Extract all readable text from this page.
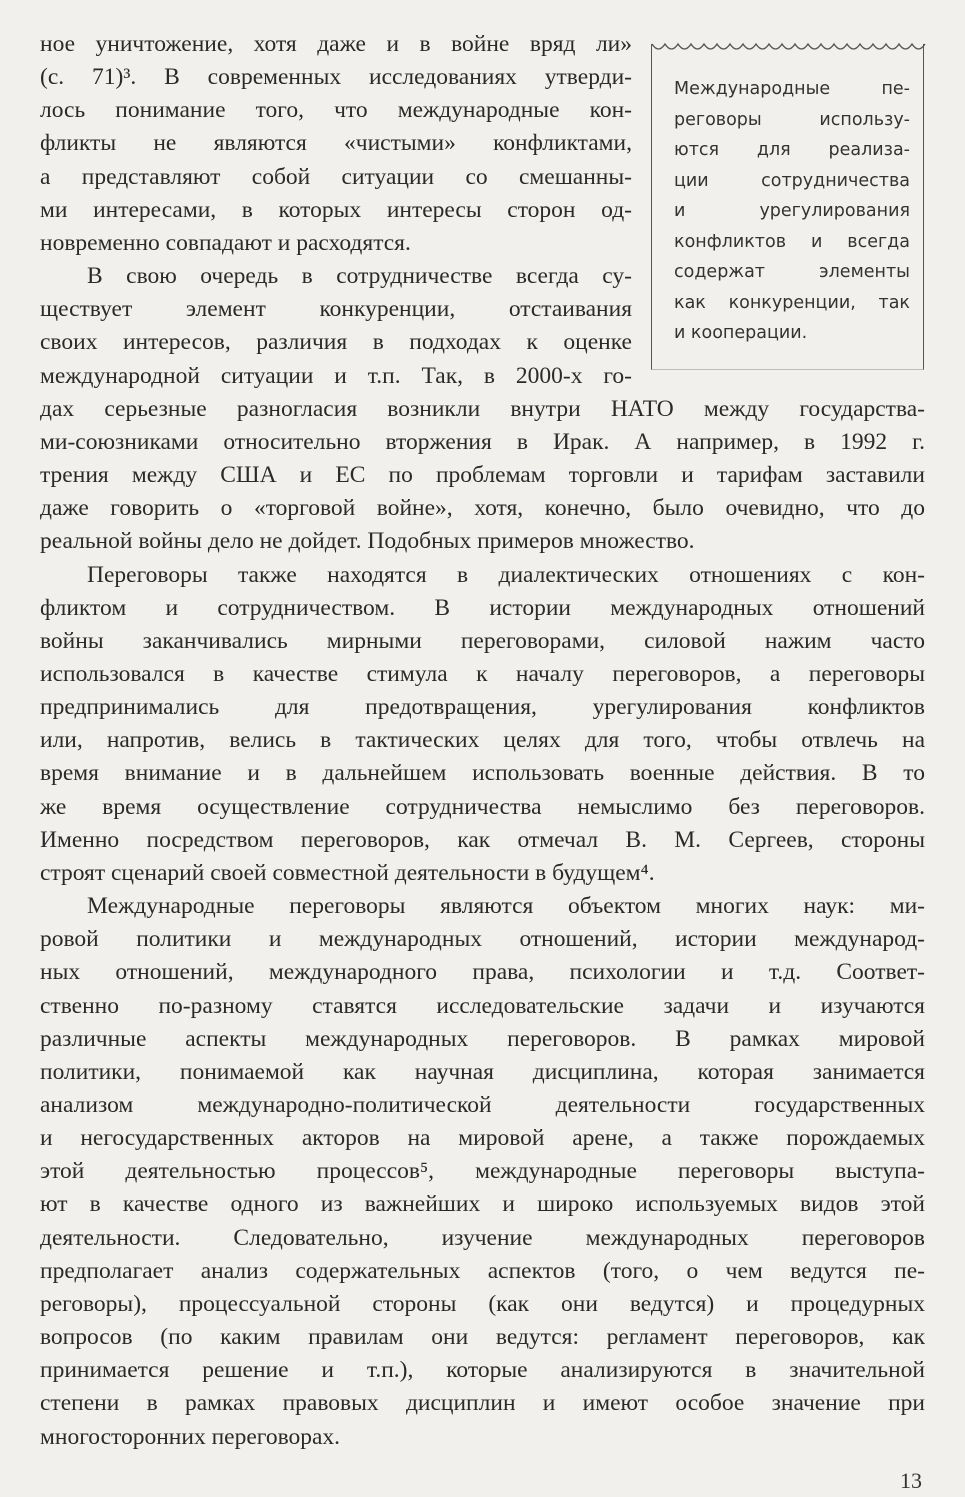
ное уничтожение, хотя даже и в войне вряд ли»
(с. 71)³. В современных исследованиях утверди-
лось понимание того, что международные кон-
фликты не являются «чистыми» конфликтами,
а представляют собой ситуации со смешанны-
ми интересами, в которых интересы сторон од-
новременно совпадают и расходятся.
В свою очередь в сотрудничестве всегда су-
ществует элемент конкуренции, отстаивания
своих интересов, различия в подходах к оценке
международной ситуации и т.п. Так, в 2000-х го-
дах серьезные разногласия возникли внутри НАТО между государства-
ми-союзниками относительно вторжения в Ирак. А например, в 1992 г.
трения между США и ЕС по проблемам торговли и тарифам заставили
даже говорить о «торговой войне», хотя, конечно, было очевидно, что до
реальной войны дело не дойдет. Подобных примеров множество.
Переговоры также находятся в диалектических отношениях с кон-
фликтом и сотрудничеством. В истории международных отношений
войны заканчивались мирными переговорами, силовой нажим часто
использовался в качестве стимула к началу переговоров, а переговоры
предпринимались для предотвращения, урегулирования конфликтов
или, напротив, велись в тактических целях для того, чтобы отвлечь на
время внимание и в дальнейшем использовать военные действия. В то
же время осуществление сотрудничества немыслимо без переговоров.
Именно посредством переговоров, как отмечал В. М. Сергеев, стороны
строят сценарий своей совместной деятельности в будущем⁴.
Международные переговоры являются объектом многих наук: ми-
ровой политики и международных отношений, истории международ-
ных отношений, международного права, психологии и т.д. Соответ-
ственно по-разному ставятся исследовательские задачи и изучаются
различные аспекты международных переговоров. В рамках мировой
политики, понимаемой как научная дисциплина, которая занимается
анализом международно-политической деятельности государственных
и негосударственных акторов на мировой арене, а также порождаемых
этой деятельностью процессов⁵, международные переговоры выступа-
ют в качестве одного из важнейших и широко используемых видов этой
деятельности. Следовательно, изучение международных переговоров
предполагает анализ содержательных аспектов (того, о чем ведутся пе-
реговоры), процессуальной стороны (как они ведутся) и процедурных
вопросов (по каким правилам они ведутся: регламент переговоров, как
принимается решение и т.п.), которые анализируются в значительной
степени в рамках правовых дисциплин и имеют особое значение при
многосторонних переговорах.
Международные пе-
реговоры использу-
ются для реализа-
ции сотрудничества
и урегулирования
конфликтов и всегда
содержат элементы
как конкуренции, так
и кооперации.
13
